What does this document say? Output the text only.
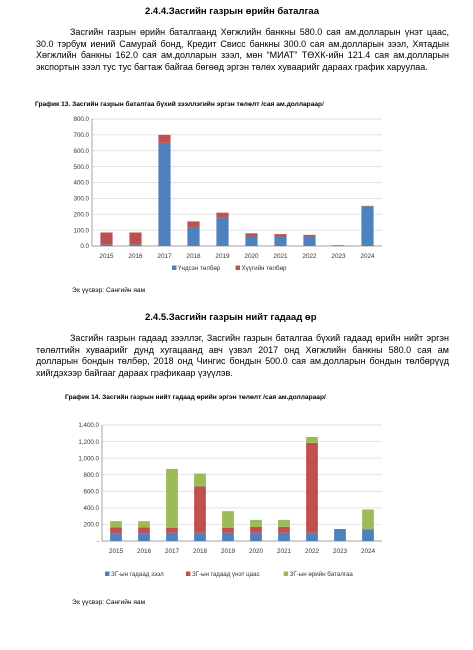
2.4.4.Засгийн газрын өрийн баталгаа

Засгийн газрын өрийн баталгаанд Хөгжлийн банкны 580.0 сая ам.долларын үнэт цаас, 30.0 тэрбум иений Самурай бонд, Кредит Свисс банкны 300.0 сая ам.долларын зээл, Хятадын Хөгжлийн банкны 162.0 сая ам.долларын зээл, мөн “МИАТ” ТӨХК-ийн 121.4 сая ам.долларын экспортын зээл тус тус багтаж байгаа бөгөөд эргэн төлөх хуваарийг дараах график харуулаа.

График 13. Засгийн газрын баталгаа бүхий зээллэгийн эргэн төлөлт /сая ам.доллараар/
0.0
100.0
200.0
300.0
400.0
500.0
600.0
700.0
800.0
2015 2016 2017 2018 2019 2020 2021 2022 2023 2024
Үндсэн төлбөр	Хүүгийн төлбөр
Эх үүсвэр: Сангийн яам
2.4.5.Засгийн газрын нийт гадаад өр

Засгийн газрын гадаад зээллэг, Засгийн газрын баталгаа бүхий гадаад өрийн нийт эргэн төлөлтийн хуваарийг дунд хугацаанд авч үзвэл 2017 онд Хөгжлийн банкны 580.0 сая ам долларын бондын төлбөр, 2018 онд Чингис бондын 500.0 сая ам.долларын бондын төлбөрүүд хийгдэхээр байгааг дараах графикаар үзүүлэв.

График 14. Засгийн газрын нийт гадаад өрийн эргэн төлөлт /сая ам.доллараар/
-
200.0
400.0
600.0
800.0
1,000.0
1,200.0
1,400.0
2015 2016 2017 2018 2019 2020 2021 2022 2023 2024
ЗГ-ын гадаад зээл	ЗГ-ын гадаад үнэт цаас	ЗГ-ын өрийн баталгаа
Эх үүсвэр: Сангийн яам
